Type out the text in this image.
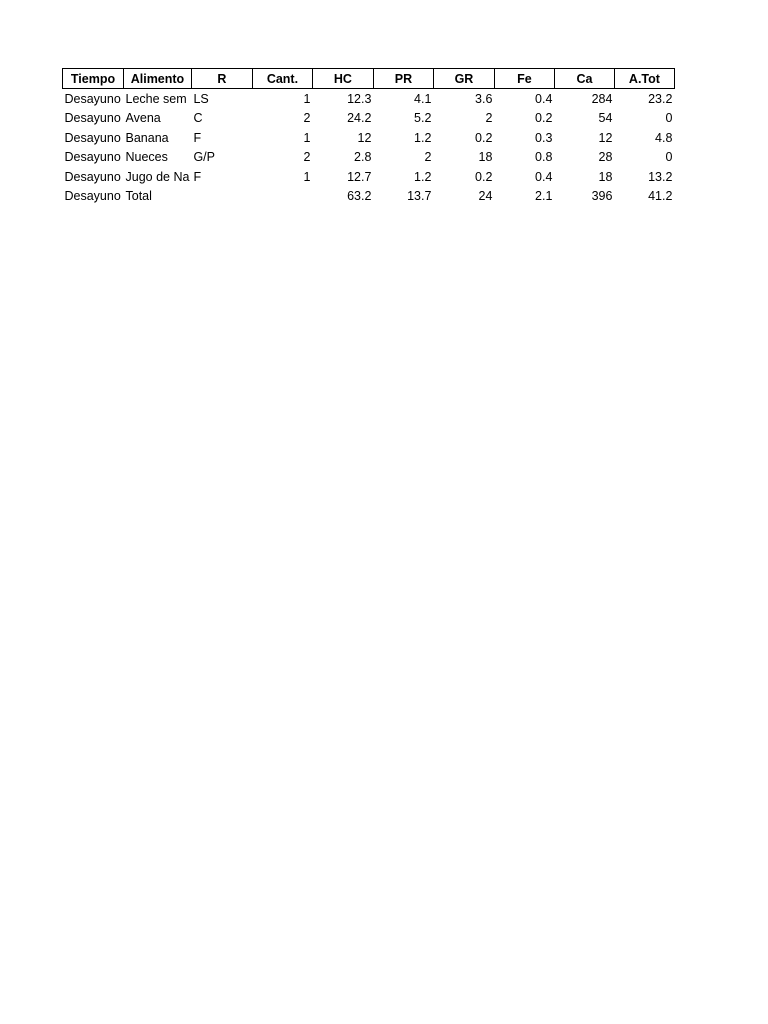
Tiempo	Alimento	R	Cant.	HC	PR	GR	Fe	Ca	A.Tot
Desayuno	Leche sem	LS	1	12.3	4.1	3.6	0.4	284	23.2
Desayuno	Avena	C	2	24.2	5.2	2	0.2	54	0
Desayuno	Banana	F	1	12	1.2	0.2	0.3	12	4.8
Desayuno	Nueces	G/P	2	2.8	2	18	0.8	28	0
Desayuno	Jugo de Na	F	1	12.7	1.2	0.2	0.4	18	13.2
Desayuno	Total			63.2	13.7	24	2.1	396	41.2
